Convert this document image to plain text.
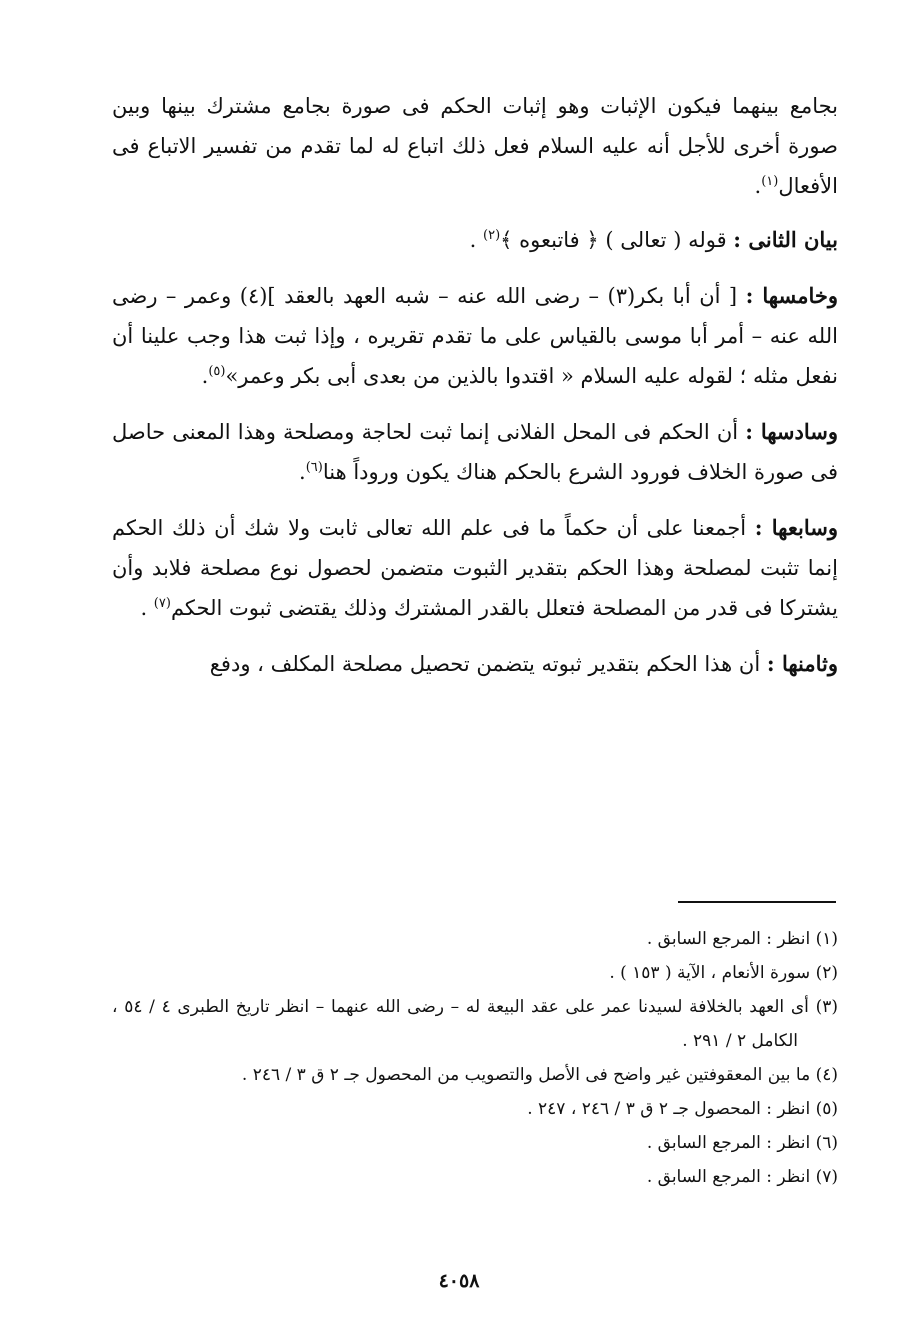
بجامع بينهما فيكون الإثبات وهو إثبات الحكم فى صورة بجامع مشترك بينها وبين صورة أخرى للأجل أنه عليه السلام فعل ذلك اتباع له لما تقدم من تفسير الاتباع فى الأفعال$^{(١)}$.

بيان الثانى : قوله ( تعالى ) ﴿ فاتبعوه ﴾$^{(٢)}$ .

وخامسها : [ أن أبا بكر(٣) – رضى الله عنه – شبه العهد بالعقد ](٤) وعمر – رضى الله عنه – أمر أبا موسى بالقياس على ما تقدم تقريره ، وإذا ثبت هذا وجب علينا أن نفعل مثله ؛ لقوله عليه السلام « اقتدوا بالذين من بعدى أبى بكر وعمر»$^{(٥)}$.

وسادسها : أن الحكم فى المحل الفلانى إنما ثبت لحاجة ومصلحة وهذا المعنى حاصل فى صورة الخلاف فورود الشرع بالحكم هناك يكون وروداً هنا$^{(٦)}$.

وسابعها : أجمعنا على أن حكماً ما فى علم الله تعالى ثابت ولا شك أن ذلك الحكم إنما تثبت لمصلحة وهذا الحكم بتقدير الثبوت متضمن لحصول نوع مصلحة فلابد وأن يشتركا فى قدر من المصلحة فتعلل بالقدر المشترك وذلك يقتضى ثبوت الحكم$^{(٧)}$ .

وثامنها : أن هذا الحكم بتقدير ثبوته يتضمن تحصيل مصلحة المكلف ، ودفع

(١) انظر : المرجع السابق .

(٢) سورة الأنعام ، الآية ( ١٥٣ ) .

(٣) أى العهد بالخلافة لسيدنا عمر على عقد البيعة له – رضى الله عنهما – انظر تاريخ الطبرى ٤ / ٥٤ ، الكامل ٢ / ٢٩١ .

(٤) ما بين المعقوفتين غير واضح فى الأصل والتصويب من المحصول جـ ٢ ق ٣ / ٢٤٦ .

(٥) انظر : المحصول جـ ٢ ق ٣ / ٢٤٦ ، ٢٤٧ .

(٦) انظر : المرجع السابق .

(٧) انظر : المرجع السابق .

٤٠٥٨
